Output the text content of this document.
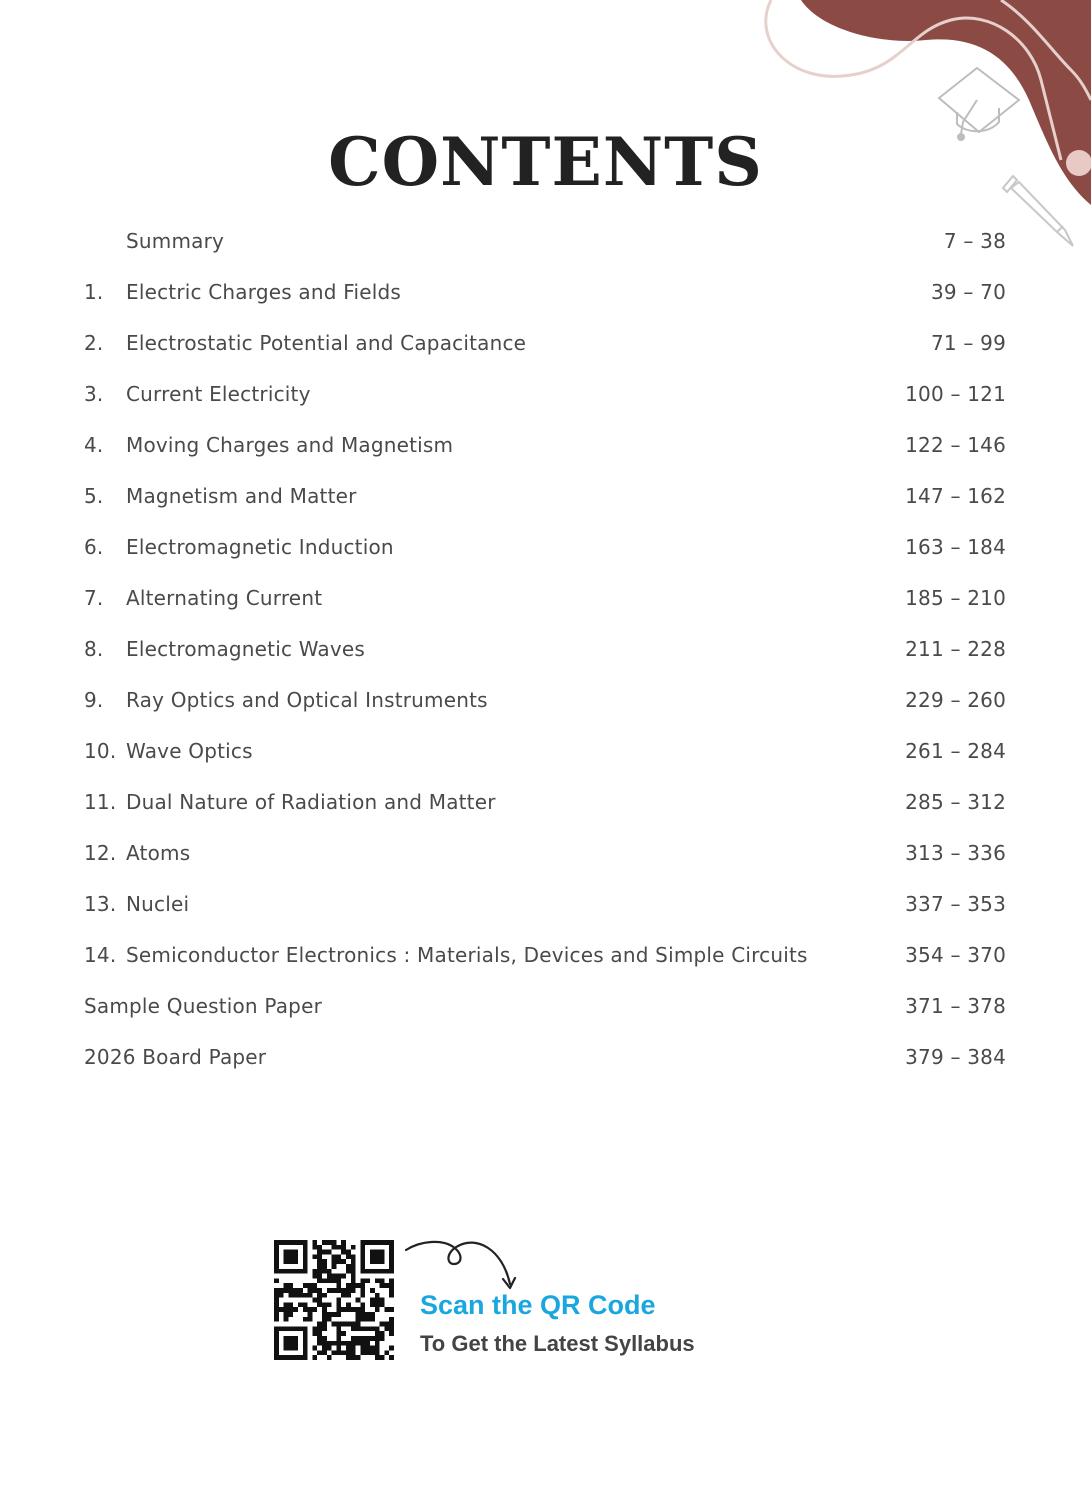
CONTENTS
Summary	7 – 38
1.	Electric Charges and Fields	39 – 70
2.	Electrostatic Potential and Capacitance	71 – 99
3.	Current Electricity	100 – 121
4.	Moving Charges and Magnetism	122 – 146
5.	Magnetism and Matter	147 – 162
6.	Electromagnetic Induction	163 – 184
7.	Alternating Current	185 – 210
8.	Electromagnetic Waves	211 – 228
9.	Ray Optics and Optical Instruments	229 – 260
10. Wave Optics	261 – 284
11. Dual Nature of Radiation and Matter	285 – 312
12. Atoms	313 – 336
13. Nuclei	337 – 353
14. Semiconductor Electronics : Materials, Devices and Simple Circuits	354 – 370
Sample Question Paper	371 – 378
2026 Board Paper	379 – 384

Scan the QR Code

To Get the Latest Syllabus
